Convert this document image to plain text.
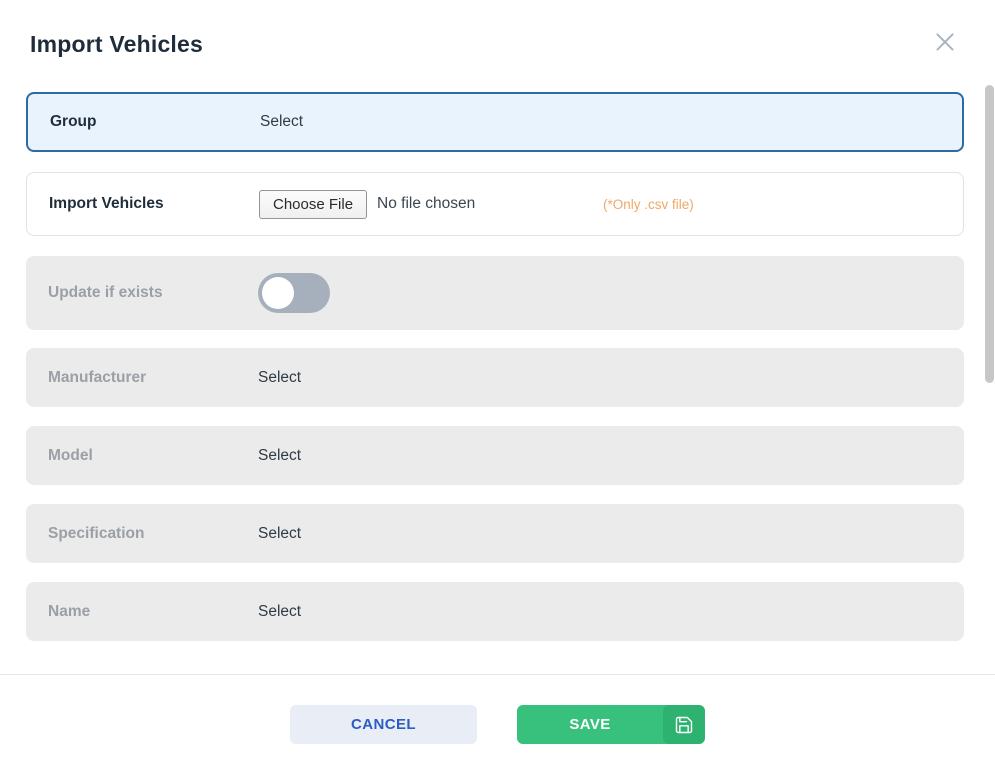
Import Vehicles
Group	Select
Import Vehicles	Choose File	No file chosen	(*Only .csv file)
Update if exists
Manufacturer	Select
Model	Select
Specification	Select
Name	Select
CANCEL	SAVE
